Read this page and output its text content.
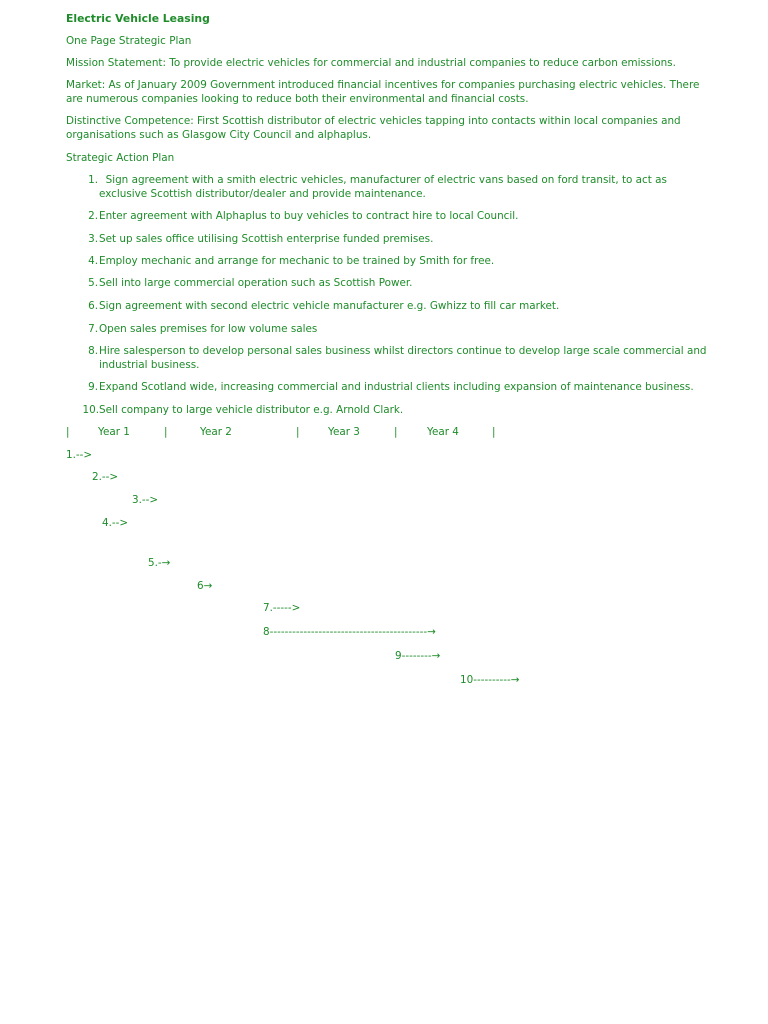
Electric Vehicle Leasing
One Page Strategic Plan
Mission Statement: To provide electric vehicles for commercial and industrial companies to reduce carbon emissions.
Market: As of January 2009 Government introduced financial incentives for companies purchasing electric vehicles. There are numerous companies looking to reduce both their environmental and financial costs.
Distinctive Competence: First Scottish distributor of electric vehicles tapping into contacts within local companies and organisations such as Glasgow City Council and alphaplus.
Strategic Action Plan
1. Sign agreement with a smith electric vehicles, manufacturer of electric vans based on ford transit, to act as exclusive Scottish distributor/dealer and provide maintenance.
2. Enter agreement with Alphaplus to buy vehicles to contract hire to local Council.
3. Set up sales office utilising Scottish enterprise funded premises.
4. Employ mechanic and arrange for mechanic to be trained by Smith for free.
5. Sell into large commercial operation such as Scottish Power.
6. Sign agreement with second electric vehicle manufacturer e.g. Gwhizz to fill car market.
7. Open sales premises for low volume sales
8. Hire salesperson to develop personal sales business whilst directors continue to develop large scale commercial and industrial business.
9. Expand Scotland wide, increasing commercial and industrial clients including expansion of maintenance business.
10. Sell company to large vehicle distributor e.g. Arnold Clark.
|	Year 1	|	Year 2	|	Year 3	|	Year 4	|
1.-->
2.-->
3.-->
4.-->
5.-→
6→
7.----->
8------------------------------------------→
9--------→
10----------→
